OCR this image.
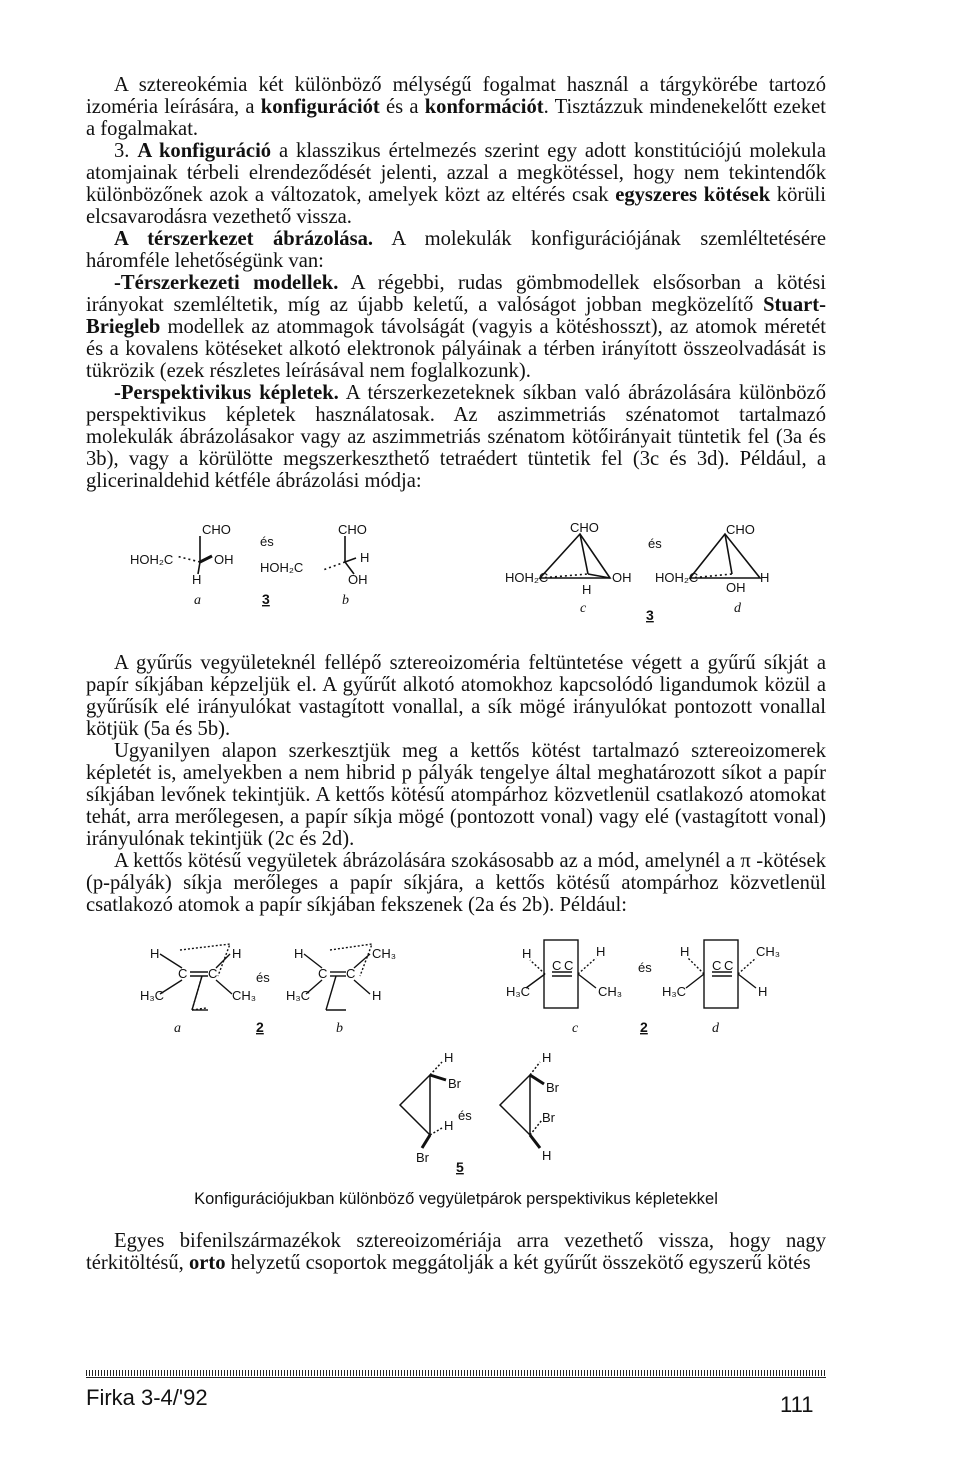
A sztereokémia két különböző mélységű fogalmat használ a tárgykörébe tartozó izoméria leírására, a konfigurációt és a konformációt. Tisztázzuk mindenekelőtt ezeket a fogalmakat.
3. A konfiguráció a klasszikus értelmezés szerint egy adott konstitúciójú molekula atomjainak térbeli elrendeződését jelenti, azzal a megkötéssel, hogy nem tekintendők különbözőnek azok a változatok, amelyek közt az eltérés csak egyszeres kötések körüli elcsavarodásra vezethető vissza.
A térszerkezet ábrázolása. A molekulák konfigurációjának szemléltetésére háromféle lehetőségünk van:
-Térszerkezeti modellek. A régebbi, rudas gömbmodellek elsősorban a kötési irányokat szemléltetik, míg az újabb keletű, a valóságot jobban megközelítő Stuart-Briegleb modellek az atommagok távolságát (vagyis a kötéshosszt), az atomok méretét és a kovalens kötéseket alkotó elektronok pályáinak a térben irányított összeolvadását is tükrözik (ezek részletes leírásával nem foglalkozunk).
-Perspektivikus képletek. A térszerkezeteknek síkban való ábrázolására különböző perspektivikus képletek használatosak. Az aszimmetriás szénatomot tartalmazó molekulák ábrázolásakor vagy az aszimmetriás szénatom kötőirányait tüntetik fel (3a és 3b), vagy a körülötte megszerkeszthető tetraédert tüntetik fel (3c és 3d). Például, a glicerinaldehid kétféle ábrázolási módja:
CHO
és
HOH₂C	OH
H
CHO
HOH₂C
H
OH
CHO
HOH₂C	OH
H
és
CHO
HOH₂C	H
OH
a	b
c	d
3
3
A gyűrűs vegyületeknél fellépő sztereoizoméria feltüntetése végett a gyűrű síkját a papír síkjában képzeljük el. A gyűrűt alkotó atomokhoz kapcsolódó ligandumok közül a gyűrűsík elé irányulókat vastagított vonallal, a sík mögé irányulókat pontozott vonallal kötjük (5a és 5b).
Ugyanilyen alapon szerkesztjük meg a kettős kötést tartalmazó sztereoizomerek képletét is, amelyekben a nem hibrid p pályák tengelye által meghatározott síkot a papír síkjában levőnek tekintjük. A kettős kötésű atompárhoz közvetlenül csatlakozó atomokat tehát, arra merőlegesen, a papír síkja mögé (pontozott vonal) vagy elé (vastagított vonal) irányulónak tekintjük (2c és 2d).
A kettős kötésű vegyületek ábrázolására szokásosabb az a mód, amelynél a π -kötések (p-pályák) síkja merőleges a papír síkjára, a kettős kötésű atompárhoz közvetlenül csatlakozó atomok a papír síkjában fekszenek (2a és 2b). Például:
H	H
C C
H₃C	CH₃
és
H	CH₃
C C
H₃C	H
H	H
C C
H₃C	CH₃
és
H	CH₃
C C
H₃C	H
a	b	c	d
2	2
H
Br
H
Br
H
Br
Br
H
és
5
Konfigurációjukban különböző vegyületpárok perspektivikus képletekkel
Egyes bifenilszármazékok sztereoizomériája arra vezethető vissza, hogy nagy térkitöltésű, orto helyzetű csoportok meggátolják a két gyűrűt összekötő egyszerű kötés
Firka 3-4/'92	111
